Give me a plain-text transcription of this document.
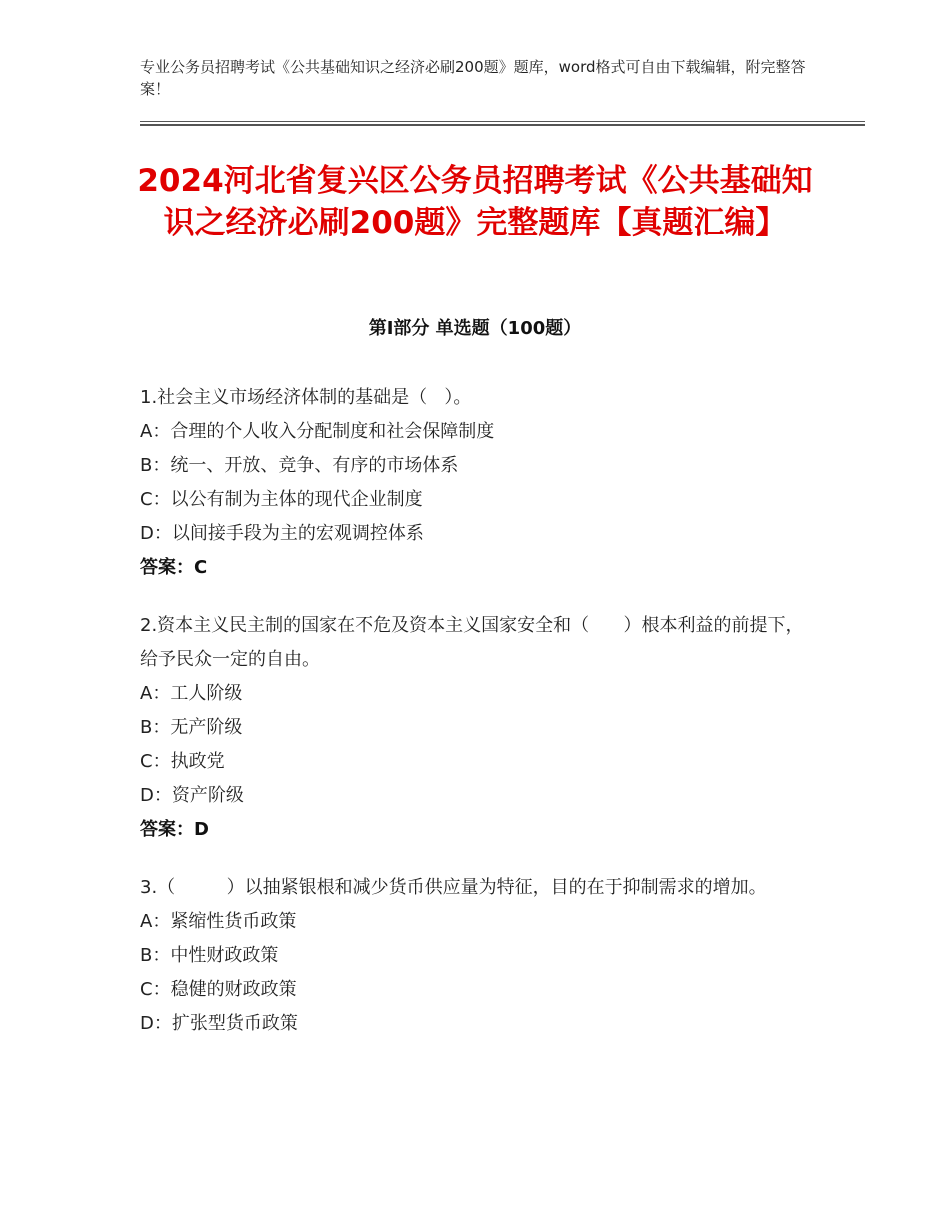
专业公务员招聘考试《公共基础知识之经济必刷200题》题库，word格式可自由下载编辑，附完整答案！
2024河北省复兴区公务员招聘考试《公共基础知识之经济必刷200题》完整题库【真题汇编】
第Ⅰ部分 单选题（100题）
1.社会主义市场经济体制的基础是（   ）。
A：合理的个人收入分配制度和社会保障制度
B：统一、开放、竞争、有序的市场体系
C：以公有制为主体的现代企业制度
D：以间接手段为主的宏观调控体系
答案：C
2.资本主义民主制的国家在不危及资本主义国家安全和（      ）根本利益的前提下，给予民众一定的自由。
A：工人阶级
B：无产阶级
C：执政党
D：资产阶级
答案：D
3.（         ）以抽紧银根和减少货币供应量为特征，目的在于抑制需求的增加。
A：紧缩性货币政策
B：中性财政政策
C：稳健的财政政策
D：扩张型货币政策
